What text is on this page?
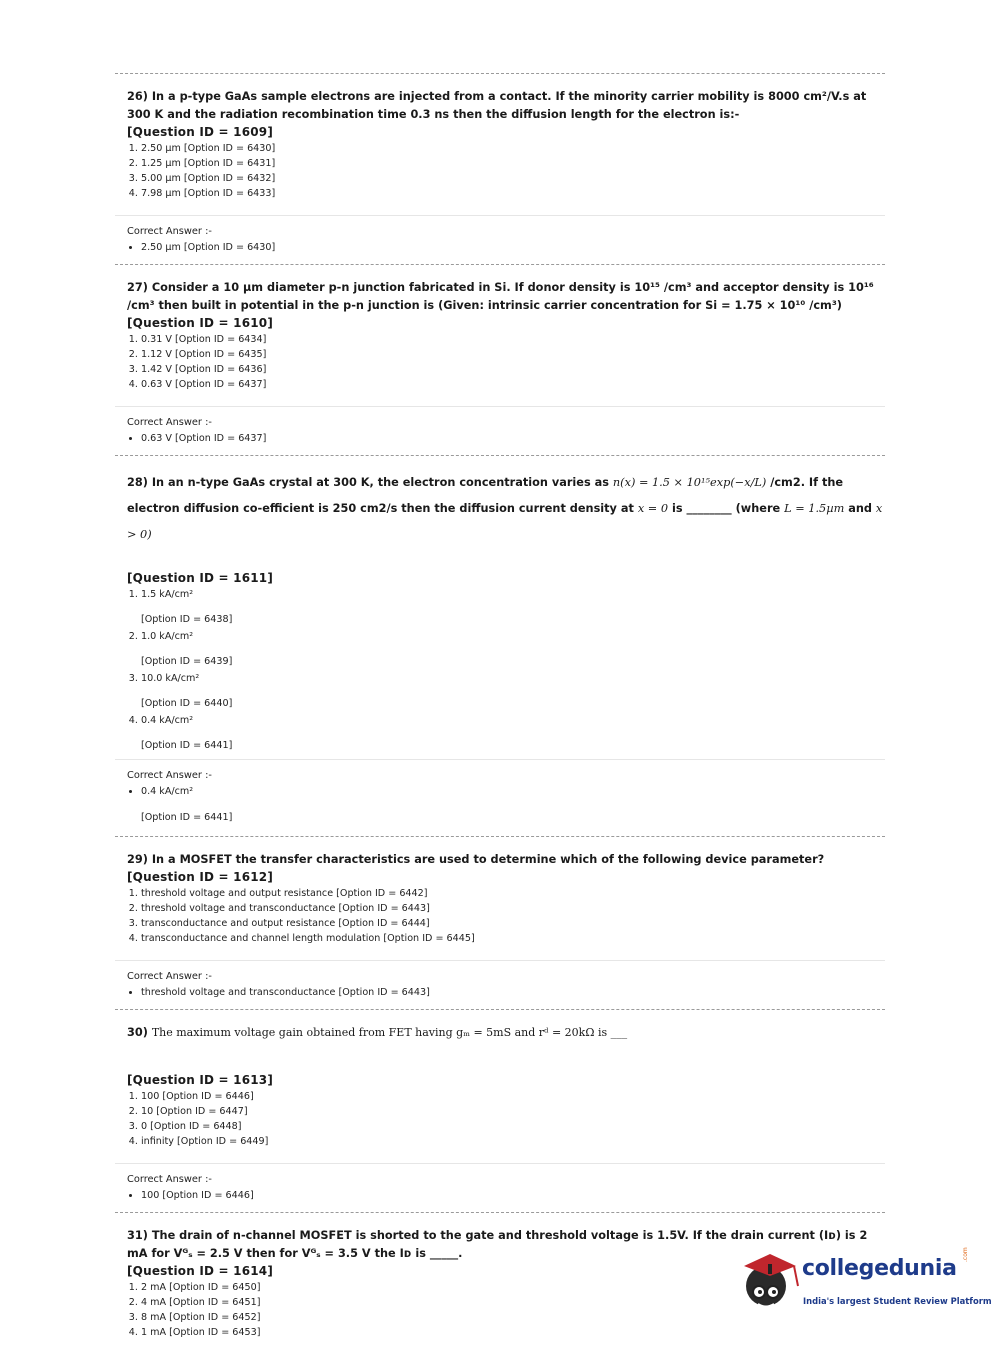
26) In a p-type GaAs sample electrons are injected from a contact. If the minority carrier mobility is 8000 cm²/V.s at 300 K and the radiation recombination time 0.3 ns then the diffusion length for the electron is:-
[Question ID = 1609]
1. 2.50 µm [Option ID = 6430]
2. 1.25 µm [Option ID = 6431]
3. 5.00 µm [Option ID = 6432]
4. 7.98 µm [Option ID = 6433]
Correct Answer :-
• 2.50 µm [Option ID = 6430]
27) Consider a 10 µm diameter p-n junction fabricated in Si. If donor density is 10¹⁵ /cm³ and acceptor density is 10¹⁶ /cm³ then built in potential in the p-n junction is (Given: intrinsic carrier concentration for Si = 1.75 × 10¹⁰ /cm³)
[Question ID = 1610]
1. 0.31 V [Option ID = 6434]
2. 1.12 V [Option ID = 6435]
3. 1.42 V [Option ID = 6436]
4. 0.63 V [Option ID = 6437]
Correct Answer :-
• 0.63 V [Option ID = 6437]
28) In an n-type GaAs crystal at 300 K, the electron concentration varies as n(x) = 1.5 × 10¹⁵exp(−x/L) /cm2. If the electron diffusion co-efficient is 250 cm2/s then the diffusion current density at x = 0 is ________ (where L = 1.5µm and x > 0)
[Question ID = 1611]
1. 1.5 kA/cm²
[Option ID = 6438]
2. 1.0 kA/cm²
[Option ID = 6439]
3. 10.0 kA/cm²
[Option ID = 6440]
4. 0.4 kA/cm²
[Option ID = 6441]
Correct Answer :-
• 0.4 kA/cm²
[Option ID = 6441]
29) In a MOSFET the transfer characteristics are used to determine which of the following device parameter?
[Question ID = 1612]
1. threshold voltage and output resistance [Option ID = 6442]
2. threshold voltage and transconductance [Option ID = 6443]
3. transconductance and output resistance [Option ID = 6444]
4. transconductance and channel length modulation [Option ID = 6445]
Correct Answer :-
• threshold voltage and transconductance [Option ID = 6443]
30) The maximum voltage gain obtained from FET having gₘ = 5mS and rᵈ = 20kΩ is ___
[Question ID = 1613]
1. 100 [Option ID = 6446]
2. 10 [Option ID = 6447]
3. 0 [Option ID = 6448]
4. infinity [Option ID = 6449]
Correct Answer :-
• 100 [Option ID = 6446]
31) The drain of n-channel MOSFET is shorted to the gate and threshold voltage is 1.5V. If the drain current (Iᴅ) is 2 mA for Vᴳₛ = 2.5 V then for Vᴳₛ = 3.5 V the Iᴅ is _____.
[Question ID = 1614]
1. 2 mA [Option ID = 6450]
2. 4 mA [Option ID = 6451]
3. 8 mA [Option ID = 6452]
4. 1 mA [Option ID = 6453]
collegedunia
.com
India's largest Student Review Platform
